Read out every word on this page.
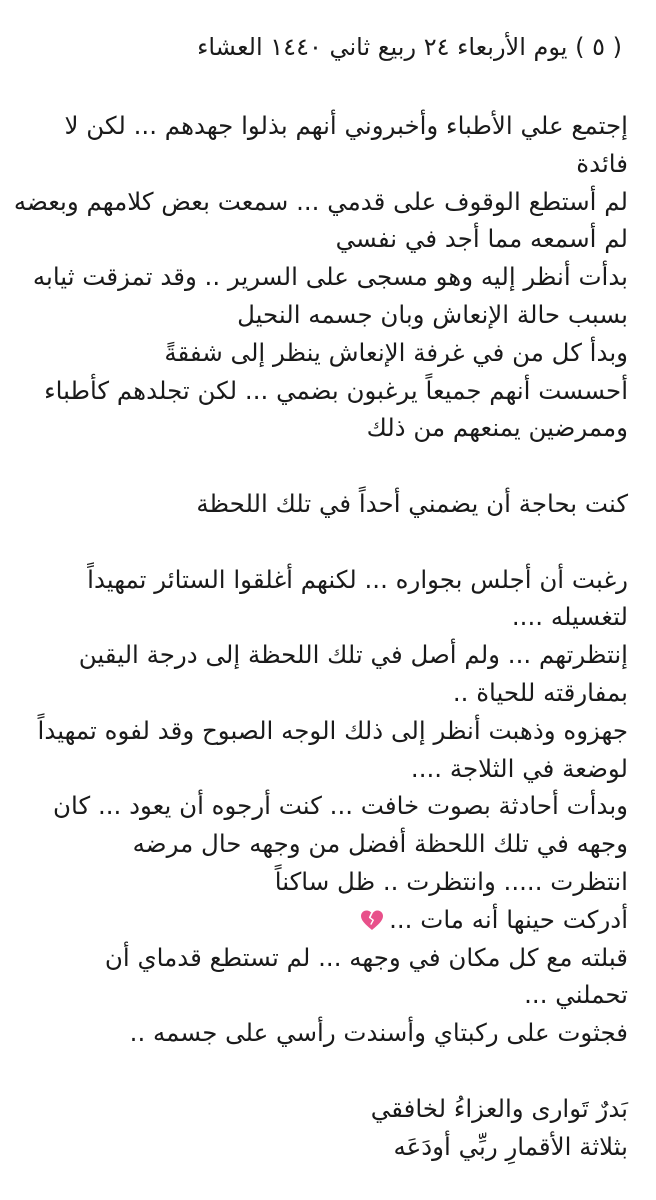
( ٥ ) يوم الأربعاء ٢٤ ربيع ثاني ١٤٤٠ العشاء
إجتمع علي الأطباء وأخبروني أنهم بذلوا جهدهم ... لكن لا
فائدة
لم أستطع الوقوف على قدمي ... سمعت بعض كلامهم وبعضه
لم أسمعه مما أجد في نفسي
بدأت أنظر إليه وهو مسجى على السرير .. وقد تمزقت ثيابه
بسبب حالة الإنعاش وبان جسمه النحيل
وبدأ كل من في غرفة الإنعاش ينظر إلى شفقةً
أحسست أنهم جميعاً يرغبون بضمي ... لكن تجلدهم كأطباء
وممرضين يمنعهم من ذلك
كنت بحاجة أن يضمني أحداً في تلك اللحظة
رغبت أن أجلس بجواره ... لكنهم أغلقوا الستائر تمهيداً
لتغسيله ....
إنتظرتهم ... ولم أصل في تلك اللحظة إلى درجة اليقين
بمفارقته للحياة ..
جهزوه وذهبت أنظر إلى ذلك الوجه الصبوح وقد لفوه تمهيداً
لوضعة في الثلاجة ....
وبدأت أحادثة بصوت خافت ... كنت أرجوه أن يعود ... كان
وجهه في تلك اللحظة أفضل من وجهه حال مرضه
انتظرت ..... وانتظرت .. ظل ساكناً
أدركت حينها أنه مات ...
قبلته مع كل مكان في وجهه ... لم تستطع قدماي أن
تحملني ...
فجثوت على ركبتاي وأسندت رأسي على جسمه ..
بَدرٌ تَوارى والعزاءُ لخافقي
بثلاثة الأقمارِ ربِّي أودَعَه
